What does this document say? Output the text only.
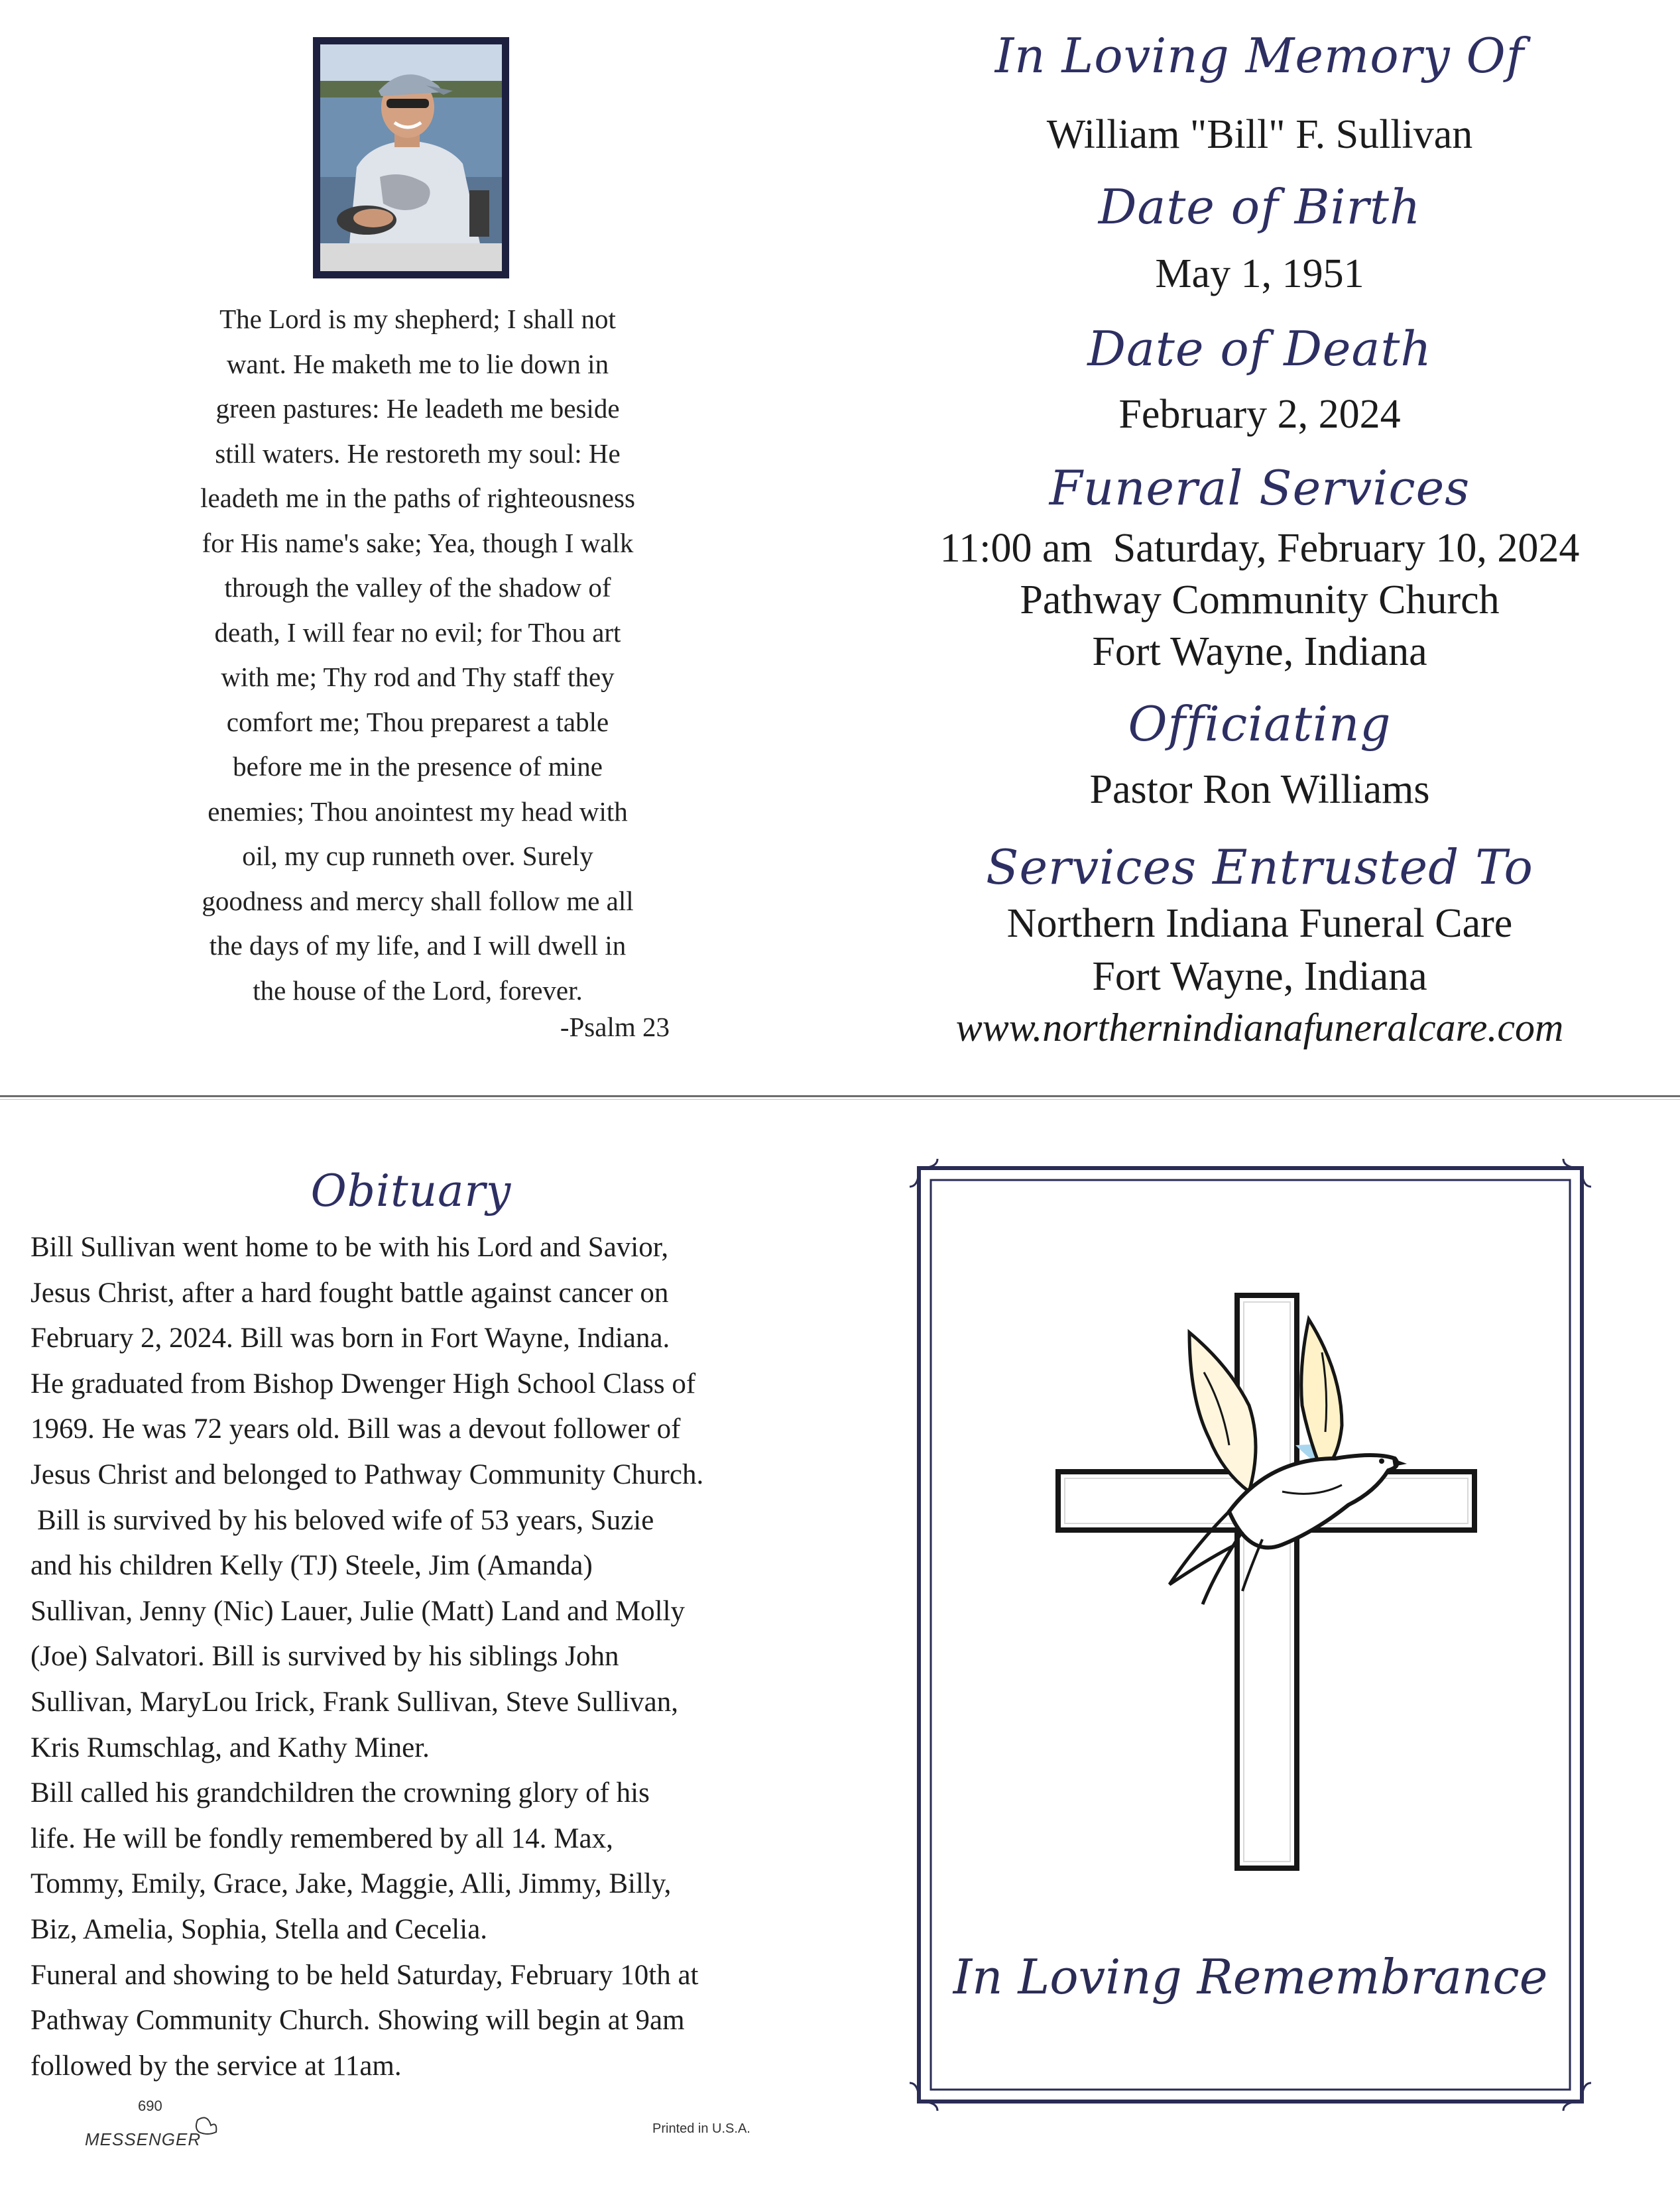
The Lord is my shepherd; I shall not
want. He maketh me to lie down in
green pastures: He leadeth me beside
still waters. He restoreth my soul: He
leadeth me in the paths of righteousness
for His name's sake; Yea, though I walk
through the valley of the shadow of
death, I will fear no evil; for Thou art
with me; Thy rod and Thy staff they
comfort me; Thou preparest a table
before me in the presence of mine
enemies; Thou anointest my head with
oil, my cup runneth over. Surely
goodness and mercy shall follow me all
the days of my life, and I will dwell in
the house of the Lord, forever.
-Psalm 23
In Loving Memory Of
William "Bill" F. Sullivan
Date of Birth
May 1, 1951
Date of Death
February 2, 2024
Funeral Services
11:00 am  Saturday, February 10, 2024
Pathway Community Church
Fort Wayne, Indiana
Officiating
Pastor Ron Williams
Services Entrusted To
Northern Indiana Funeral Care
Fort Wayne, Indiana
www.northernindianafuneralcare.com
Obituary

Bill Sullivan went home to be with his Lord and Savior,

Jesus Christ, after a hard fought battle against cancer on

February 2, 2024. Bill was born in Fort Wayne, Indiana.

He graduated from Bishop Dwenger High School Class of

1969. He was 72 years old. Bill was a devout follower of

Jesus Christ and belonged to Pathway Community Church.

Bill is survived by his beloved wife of 53 years, Suzie

and his children Kelly (TJ) Steele, Jim (Amanda)

Sullivan, Jenny (Nic) Lauer, Julie (Matt) Land and Molly

(Joe) Salvatori. Bill is survived by his siblings John

Sullivan, MaryLou Irick, Frank Sullivan, Steve Sullivan,

Kris Rumschlag, and Kathy Miner.

Bill called his grandchildren the crowning glory of his

life. He will be fondly remembered by all 14. Max,

Tommy, Emily, Grace, Jake, Maggie, Alli, Jimmy, Billy,

Biz, Amelia, Sophia, Stella and Cecelia.

Funeral and showing to be held Saturday, February 10th at

Pathway Community Church. Showing will begin at 9am

followed by the service at 11am.

690
MESSENGER
Printed in U.S.A.
In Loving Remembrance
